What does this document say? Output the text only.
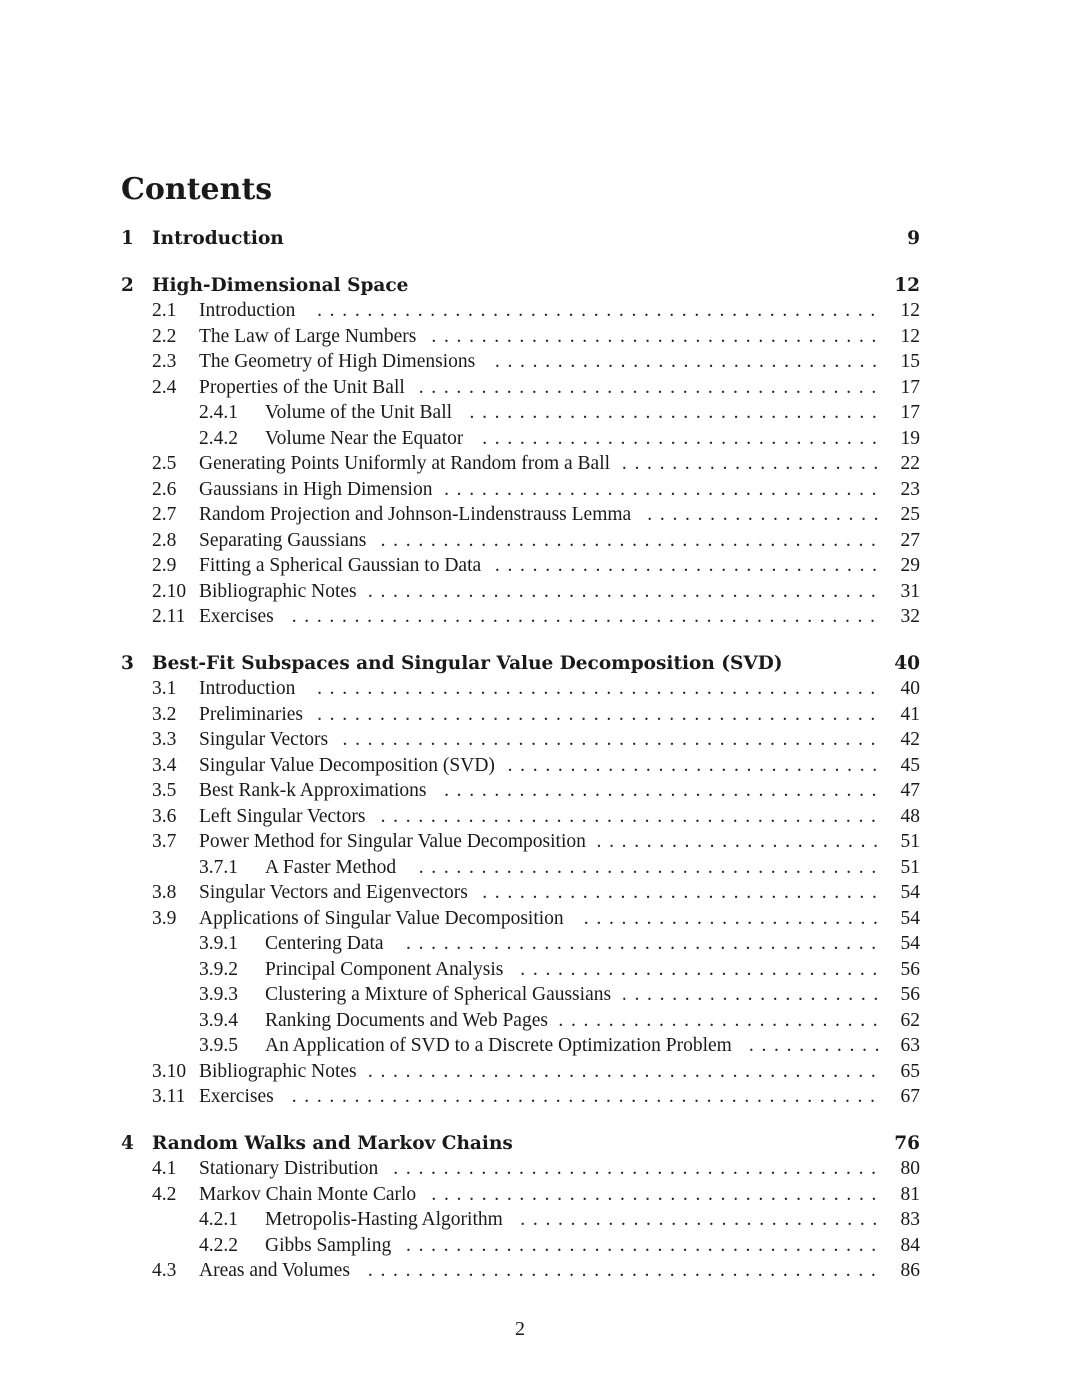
Contents
1 Introduction	9
2 High-Dimensional Space	12
2.1 Introduction	12
.............................................
2.2 The Law of Large Numbers	12
....................................
2.3 The Geometry of High Dimensions	15
...............................
2.4 Properties of the Unit Ball	17
.....................................
2.4.1 Volume of the Unit Ball	17
.................................
2.4.2 Volume Near the Equator	19
................................
2.5 Generating Points Uniformly at Random from a Ball	22
.....................
2.6 Gaussians in High Dimension	23
...................................
2.7 Random Projection and Johnson-Lindenstrauss Lemma	25
...................
2.8 Separating Gaussians	27
........................................
2.9 Fitting a Spherical Gaussian to Data	29
...............................
2.10 Bibliographic Notes	31
.........................................
2.11 Exercises	32
...............................................
3 Best-Fit Subspaces and Singular Value Decomposition (SVD)	40
3.1 Introduction	40
.............................................
3.2 Preliminaries	41
.............................................
3.3 Singular Vectors	42
...........................................
3.4 Singular Value Decomposition (SVD)	45
..............................
3.5 Best Rank-k Approximations	47
...................................
3.6 Left Singular Vectors	48
........................................
3.7 Power Method for Singular Value Decomposition	51
.......................
3.7.1 A Faster Method	51
.....................................
3.8 Singular Vectors and Eigenvectors	54
................................
3.9 Applications of Singular Value Decomposition	54
........................
3.9.1 Centering Data	54
......................................
3.9.2 Principal Component Analysis	56
.............................
3.9.3 Clustering a Mixture of Spherical Gaussians	56
.....................
3.9.4 Ranking Documents and Web Pages	62
..........................
3.9.5 An Application of SVD to a Discrete Optimization Problem	63
...........
3.10 Bibliographic Notes	65
.........................................
3.11 Exercises	67
...............................................
4 Random Walks and Markov Chains	76
4.1 Stationary Distribution	80
.......................................
4.2 Markov Chain Monte Carlo	81
....................................
4.2.1 Metropolis-Hasting Algorithm	83
.............................
4.2.2 Gibbs Sampling	84
......................................
4.3 Areas and Volumes	86
.........................................
2
